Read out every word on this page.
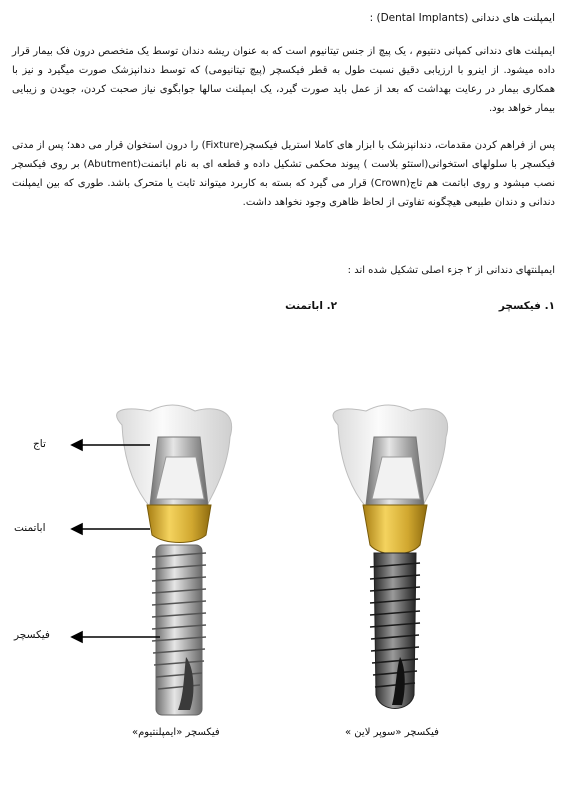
ایمپلنت های دندانی (Dental Implants) :
ایمپلنت های دندانی کمپانی دنتیوم ، یک پیچ از جنس تیتانیوم است که به عنوان ریشه دندان توسط یک متخصص درون فک بیمار قرار داده میشود. از اینرو با ارزیابی دقیق نسبت طول به قطر فیکسچر (پیچ تیتانیومی) که توسط دندانپزشک صورت میگیرد و نیز با همکاری بیمار در رعایت بهداشت که بعد از عمل باید صورت گیرد، یک ایمپلنت سالها جوابگوی نیاز صحبت کردن، جویدن و زیبایی بیمار خواهد بود.
پس از فراهم کردن مقدمات، دندانپزشک با ابزار های کاملا استریل فیکسچر(Fixture) را درون استخوان قرار می دهد؛ پس از مدتی فیکسچر با سلولهای استخوانی(استئو بلاست ) پیوند محکمی تشکیل داده و قطعه ای به نام اباتمنت(Abutment) بر روی فیکسچر نصب میشود و روی اباتمت هم تاج(Crown) قرار می گیرد که بسته به کاربرد میتواند ثابت یا متحرک باشد. طوری که بین ایمپلنت دندانی و دندان طبیعی هیچگونه تفاوتی از لحاظ ظاهری وجود نخواهد داشت.
ایمپلنتهای دندانی از ۲ جزء اصلی تشکیل شده اند :
۱. فیکسچر
۲. اباتمنت
تاج
اباتمنت
فیکسچر
فیکسچر «ایمپلنتیوم»	فیکسچر «سوپر لاین »
